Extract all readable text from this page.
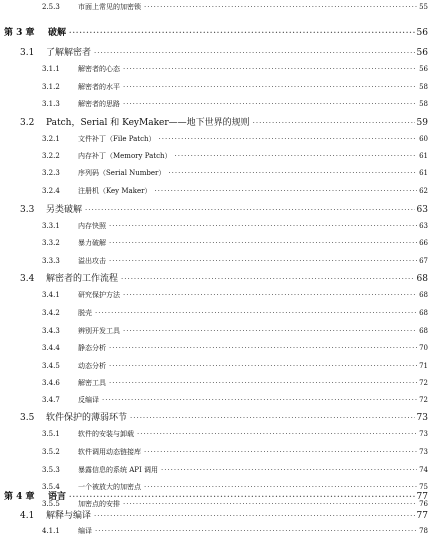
2.5.3	市面上常见的加密锁 ·····	55
第 3 章	破解 ·····	56
3.1	了解解密者 ·····	56
3.1.1	解密者的心态 ·····	56
3.1.2	解密者的水平 ·····	58
3.1.3	解密者的思路 ·····	58
3.2	Patch，Serial 和 KeyMaker——地下世界的规则 ·····	59
3.2.1	文件补丁（File Patch） ·····	60
3.2.2	内存补丁（Memory Patch） ·····	61
3.2.3	序列码（Serial Number） ·····	61
3.2.4	注册机（Key Maker） ·····	62
3.3	另类破解 ·····	63
3.3.1	内存快照 ·····	63
3.3.2	暴力破解 ·····	66
3.3.3	溢出攻击 ·····	67
3.4	解密者的工作流程 ·····	68
3.4.1	研究保护方法 ·····	68
3.4.2	脱壳 ·····	68
3.4.3	辨别开发工具 ·····	68
3.4.4	静态分析 ·····	70
3.4.5	动态分析 ·····	71
3.4.6	解密工具 ·····	72
3.4.7	反编译 ·····	72
3.5	软件保护的薄弱环节 ·····	73
3.5.1	软件的安装与卸载 ·····	73
3.5.2	软件调用动态链接库 ·····	73
3.5.3	暴露信息的系统 API 调用 ·····	74
3.5.4	一个被放大的加密点 ·····	75
3.5.5	加密点的安排 ·····	76
第 4 章	语言 ·····	77
4.1	解释与编译 ·····	77
4.1.1	编译 ·····	78
